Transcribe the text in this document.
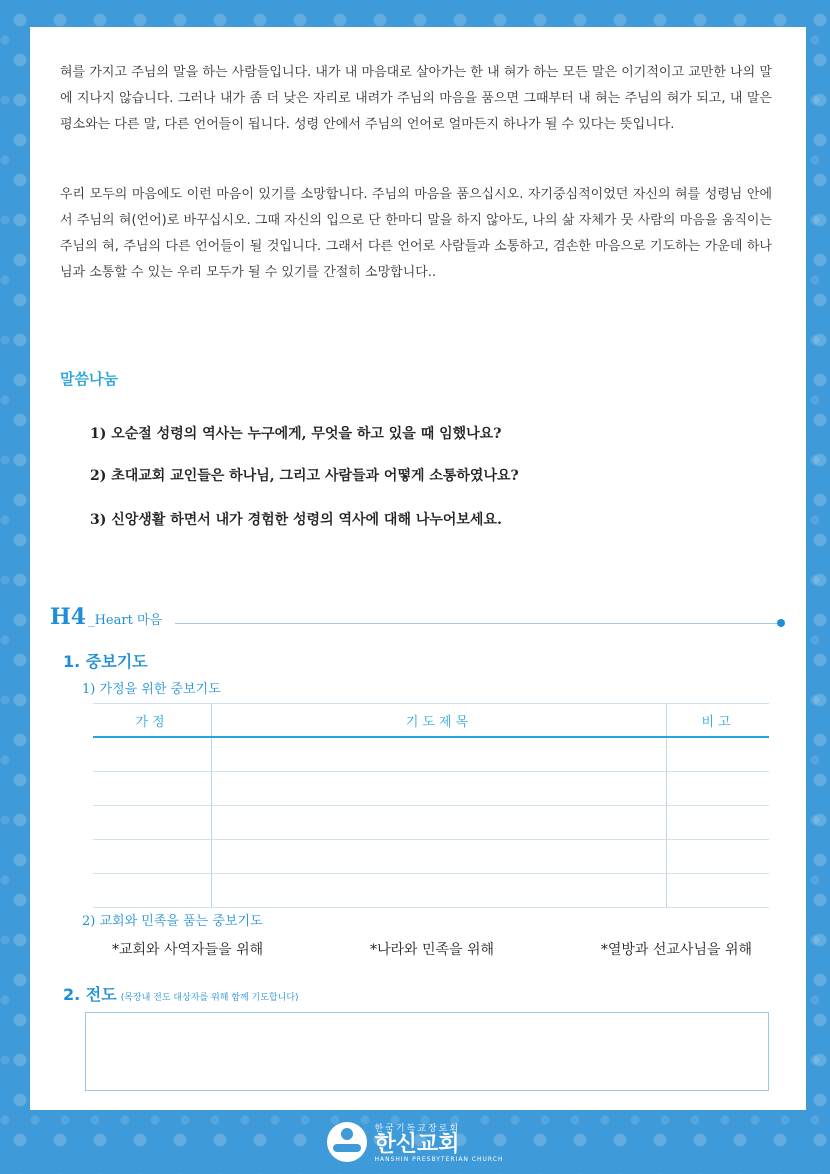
혀를 가지고 주님의 말을 하는 사람들입니다. 내가 내 마음대로 살아가는 한 내 혀가 하는 모든 말은 이기적이고 교만한 나의 말에 지나지 않습니다. 그러나 내가 좀 더 낮은 자리로 내려가 주님의 마음을 품으면 그때부터 내 혀는 주님의 혀가 되고, 내 말은 평소와는 다른 말, 다른 언어들이 됩니다. 성령 안에서 주님의 언어로 얼마든지 하나가 될 수 있다는 뜻입니다.

우리 모두의 마음에도 이런 마음이 있기를 소망합니다. 주님의 마음을 품으십시오. 자기중심적이었던 자신의 혀를 성령님 안에서 주님의 혀(언어)로 바꾸십시오. 그때 자신의 입으로 단 한마디 말을 하지 않아도, 나의 삶 자체가 뭇 사람의 마음을 움직이는 주님의 혀, 주님의 다른 언어들이 될 것입니다. 그래서 다른 언어로 사람들과 소통하고, 겸손한 마음으로 기도하는 가운데 하나님과 소통할 수 있는 우리 모두가 될 수 있기를 간절히 소망합니다..

말씀나눔
1) 오순절 성령의 역사는 누구에게, 무엇을 하고 있을 때 임했나요?
2) 초대교회 교인들은 하나님, 그리고 사람들과 어떻게 소통하였나요?
3) 신앙생활 하면서 내가 경험한 성령의 역사에 대해 나누어보세요.
H4 _Heart 마음
1. 중보기도
1) 가정을 위한 중보기도
가정	기도제목	비고

2) 교회와 민족을 품는 중보기도
*교회와 사역자들을 위해	*나라와 민족을 위해	*열방과 선교사님을 위해
2. 전도 (목장내 전도 대상자를 위해 함께 기도합니다)
한국기독교장로회
한신교회
HANSHIN PRESBYTERIAN CHURCH
